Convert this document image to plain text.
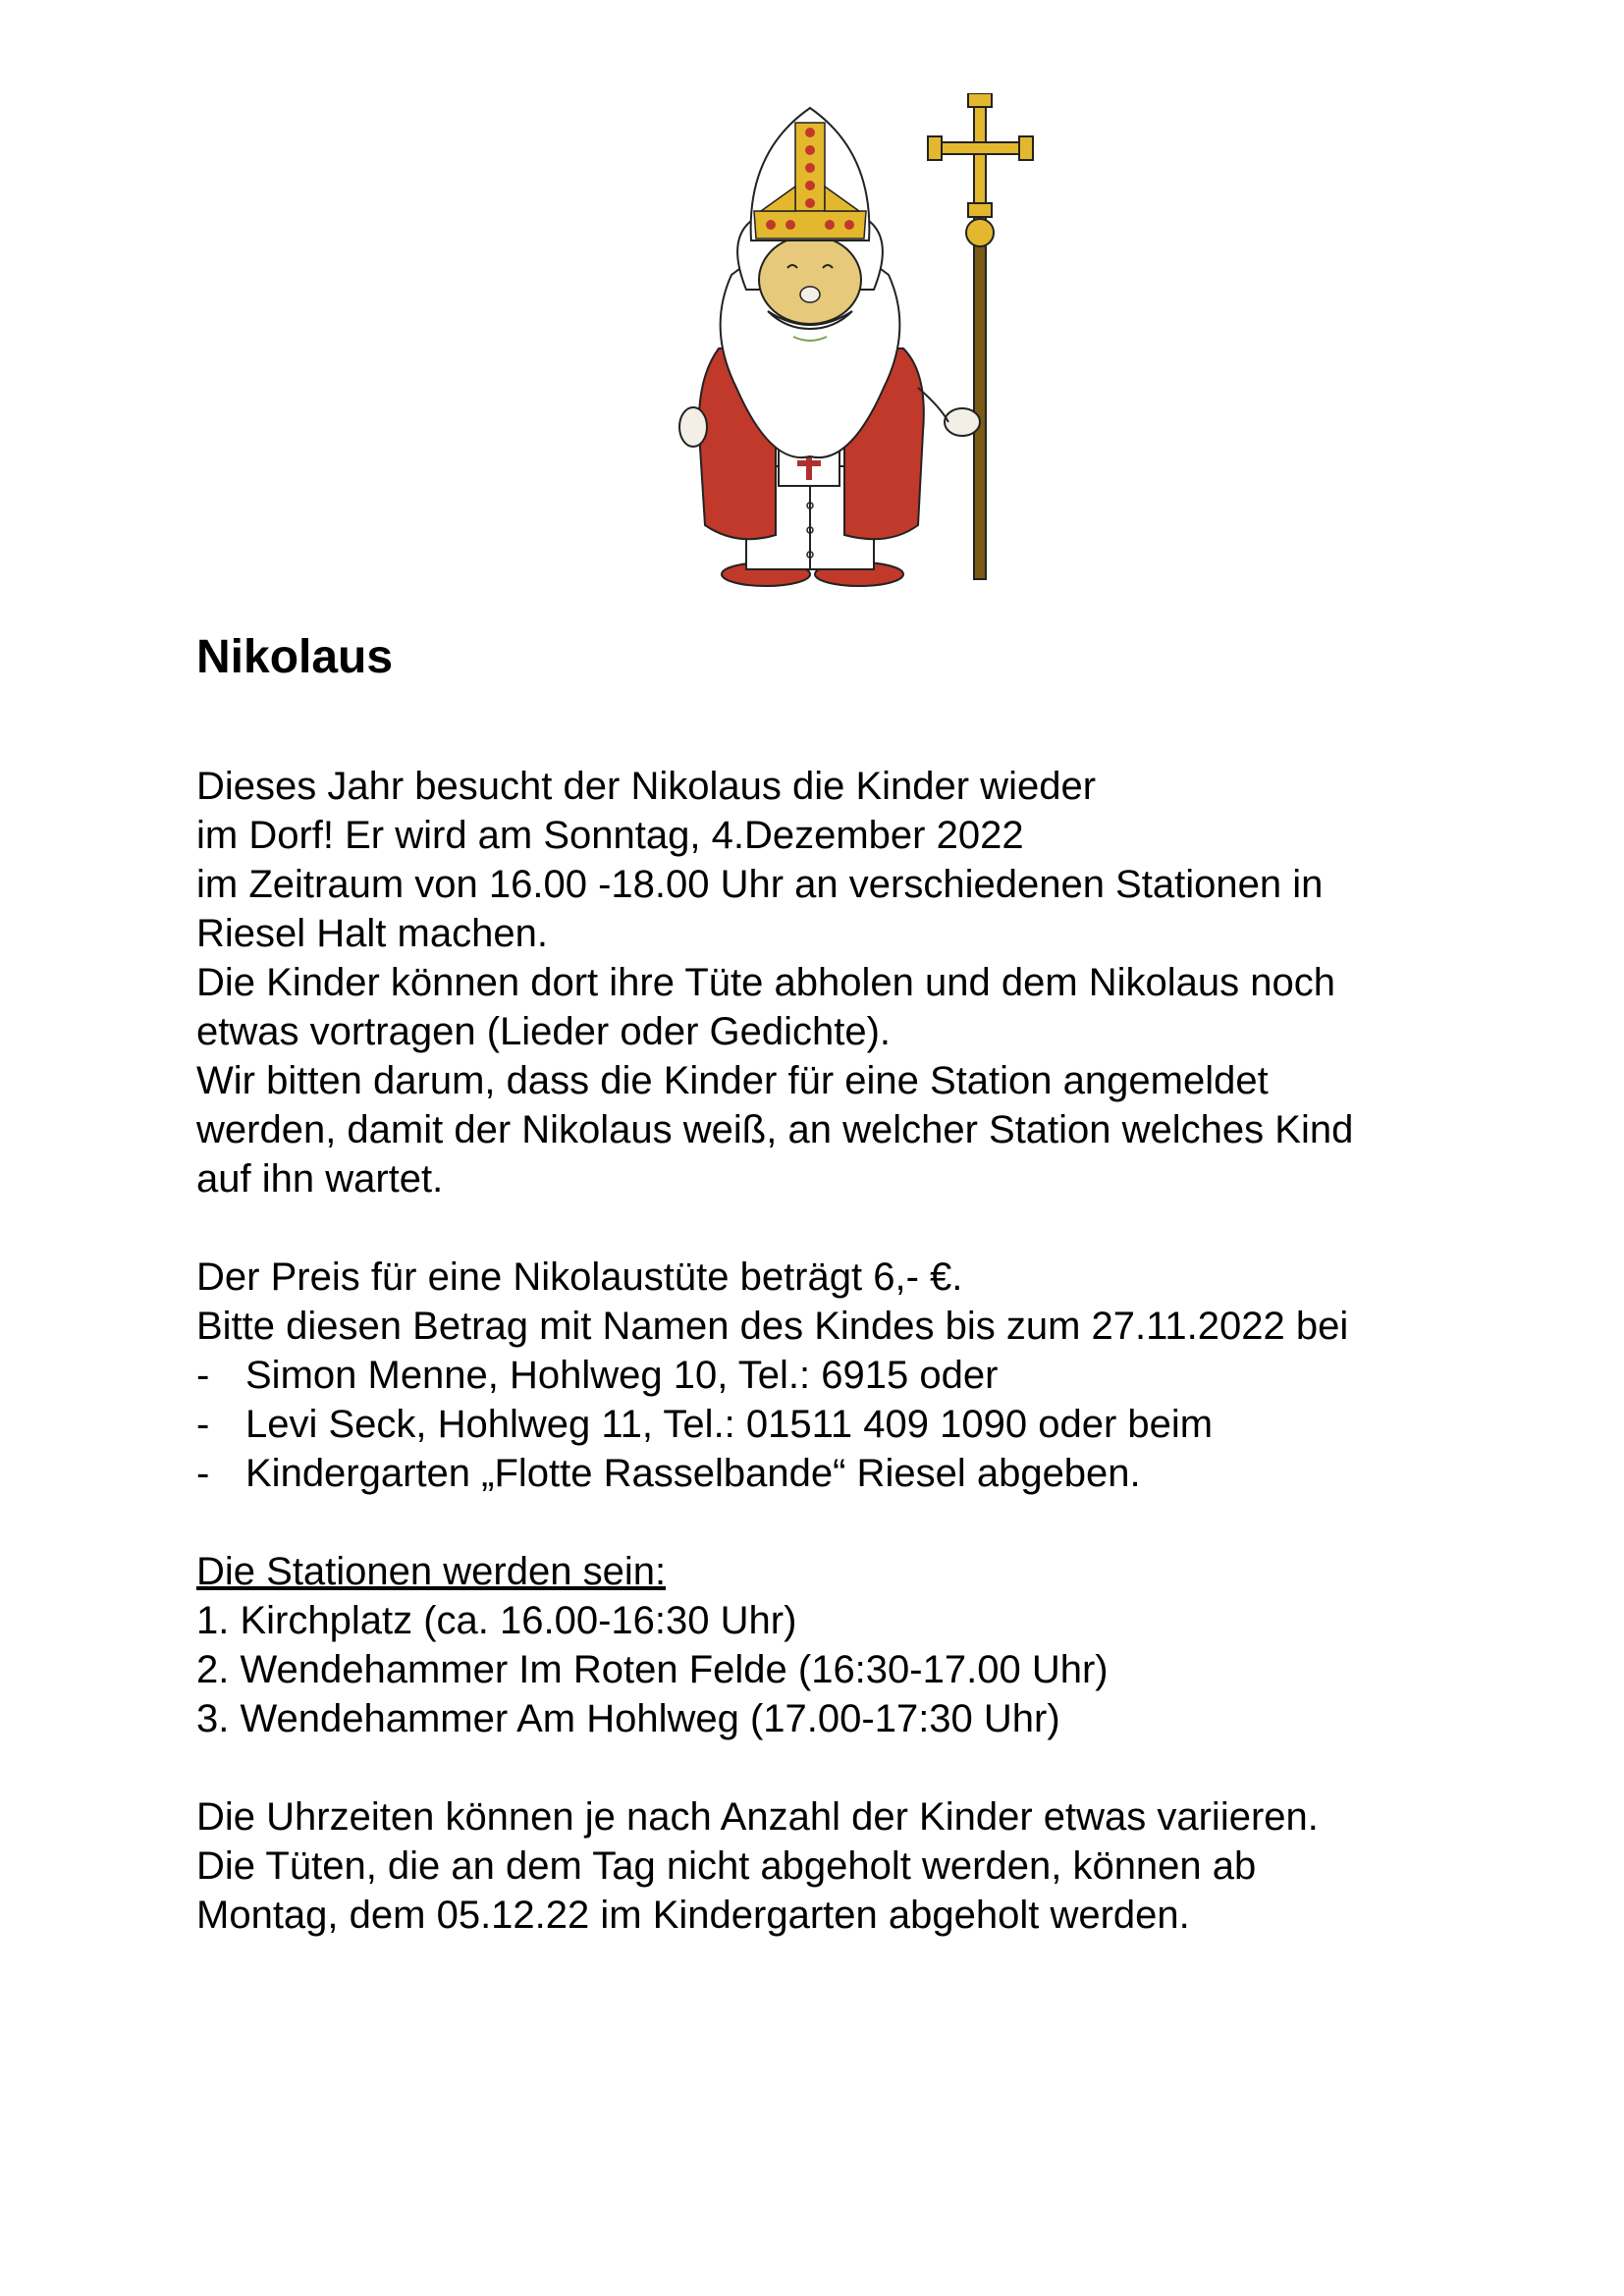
Nikolaus
Dieses Jahr besucht der Nikolaus die Kinder wieder
im Dorf! Er wird am Sonntag, 4.Dezember 2022
im Zeitraum von 16.00 -18.00 Uhr an verschiedenen Stationen in
Riesel Halt machen.
Die Kinder können dort ihre Tüte abholen und dem Nikolaus noch
etwas vortragen (Lieder oder Gedichte).
Wir bitten darum, dass die Kinder für eine Station angemeldet
werden, damit der Nikolaus weiß, an welcher Station welches Kind
auf ihn wartet.
Der Preis für eine Nikolaustüte beträgt 6,- €.
Bitte diesen Betrag mit Namen des Kindes bis zum 27.11.2022 bei
- Simon Menne, Hohlweg 10, Tel.: 6915 oder
- Levi Seck, Hohlweg 11, Tel.: 01511 409 1090 oder beim
- Kindergarten „Flotte Rasselbande“ Riesel abgeben.
Die Stationen werden sein:
1. Kirchplatz (ca. 16.00-16:30 Uhr)
2. Wendehammer Im Roten Felde (16:30-17.00 Uhr)
3. Wendehammer Am Hohlweg (17.00-17:30 Uhr)
Die Uhrzeiten können je nach Anzahl der Kinder etwas variieren.
Die Tüten, die an dem Tag nicht abgeholt werden, können ab
Montag, dem 05.12.22 im Kindergarten abgeholt werden.
